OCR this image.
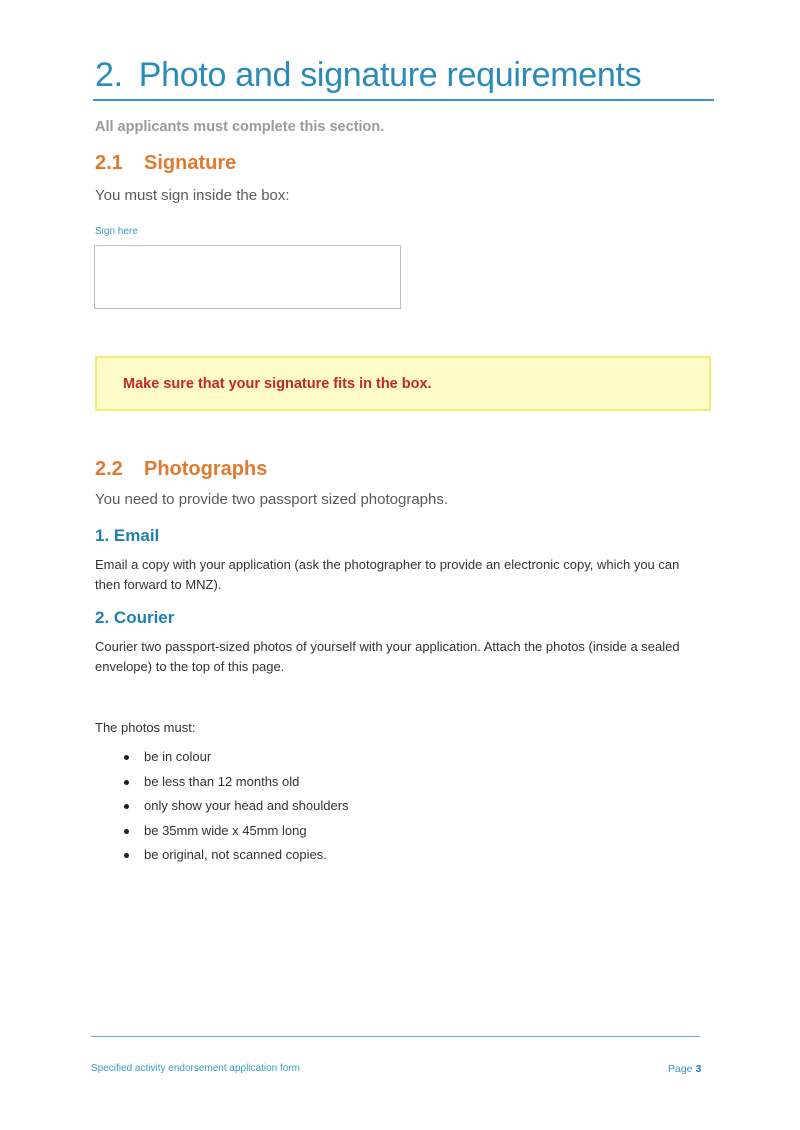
2. Photo and signature requirements

All applicants must complete this section.

2.1 Signature

You must sign inside the box:

Sign here
Make sure that your signature fits in the box.
2.2 Photographs

You need to provide two passport sized photographs.

1. Email

Email a copy with your application (ask the photographer to provide an electronic copy, which you can then forward to MNZ).

2. Courier

Courier two passport-sized photos of yourself with your application. Attach the photos (inside a sealed envelope) to the top of this page.

The photos must:

be in colour
be less than 12 months old
only show your head and shoulders
be 35mm wide x 45mm long
be original, not scanned copies.
Specified activity endorsement application form	Page 3
